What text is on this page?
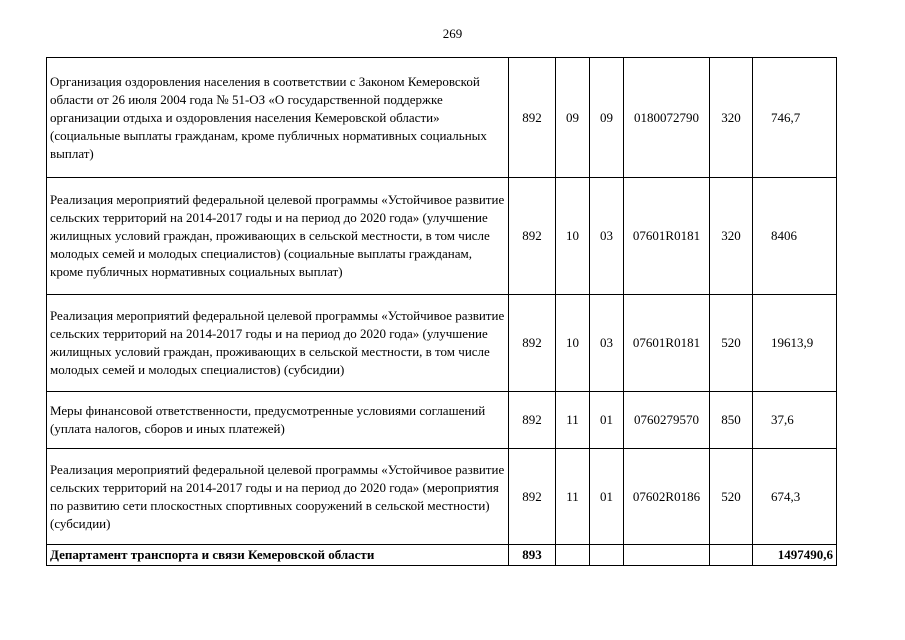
269
Организация оздоровления населения в соответствии с Законом Кемеровской области от 26 июля 2004 года № 51-ОЗ «О государственной поддержке организации отдыха и оздоровления населения Кемеровской области» (социальные выплаты гражданам, кроме публичных нормативных социальных выплат)	892	09	09	0180072790	320	746,7
Реализация мероприятий федеральной целевой программы «Устойчивое развитие сельских территорий на 2014-2017 годы и на период до 2020 года» (улучшение жилищных условий граждан, проживающих в сельской местности, в том числе молодых семей и молодых специалистов) (социальные выплаты гражданам, кроме публичных нормативных социальных выплат)	892	10	03	07601R0181	320	8406
Реализация мероприятий федеральной целевой программы «Устойчивое развитие сельских территорий на 2014-2017 годы и на период до 2020 года» (улучшение жилищных условий граждан, проживающих в сельской местности, в том числе молодых семей и молодых специалистов) (субсидии)	892	10	03	07601R0181	520	19613,9
Меры финансовой ответственности, предусмотренные условиями соглашений (уплата налогов, сборов и иных платежей)	892	11	01	0760279570	850	37,6
Реализация мероприятий федеральной целевой программы «Устойчивое развитие сельских территорий на 2014-2017 годы и на период до 2020 года» (мероприятия по развитию сети плоскостных спортивных сооружений в сельской местности) (субсидии)	892	11	01	07602R0186	520	674,3
Департамент транспорта и связи Кемеровской области	893					1497490,6
